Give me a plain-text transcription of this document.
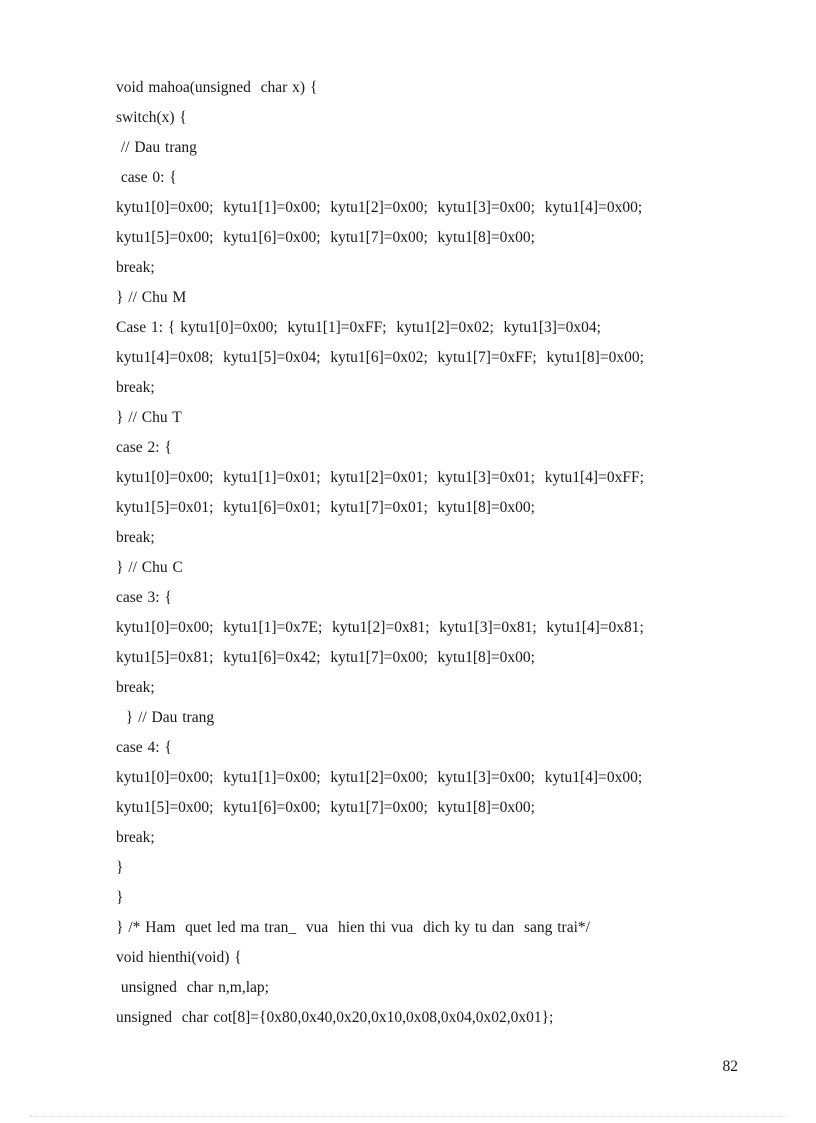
void mahoa(unsigned  char x) {
switch(x) {
// Dau trang
case 0: {
kytu1[0]=0x00;  kytu1[1]=0x00;  kytu1[2]=0x00;  kytu1[3]=0x00;  kytu1[4]=0x00;
kytu1[5]=0x00;  kytu1[6]=0x00;  kytu1[7]=0x00;  kytu1[8]=0x00;
break;
} // Chu M
Case 1: { kytu1[0]=0x00;  kytu1[1]=0xFF;  kytu1[2]=0x02;  kytu1[3]=0x04;
kytu1[4]=0x08;  kytu1[5]=0x04;  kytu1[6]=0x02;  kytu1[7]=0xFF;  kytu1[8]=0x00;
break;
} // Chu T
case 2: {
kytu1[0]=0x00;  kytu1[1]=0x01;  kytu1[2]=0x01;  kytu1[3]=0x01;  kytu1[4]=0xFF;
kytu1[5]=0x01;  kytu1[6]=0x01;  kytu1[7]=0x01;  kytu1[8]=0x00;
break;
} // Chu C
case 3: {
kytu1[0]=0x00;  kytu1[1]=0x7E;  kytu1[2]=0x81;  kytu1[3]=0x81;  kytu1[4]=0x81;
kytu1[5]=0x81;  kytu1[6]=0x42;  kytu1[7]=0x00;  kytu1[8]=0x00;
break;
} // Dau trang
case 4: {
kytu1[0]=0x00;  kytu1[1]=0x00;  kytu1[2]=0x00;  kytu1[3]=0x00;  kytu1[4]=0x00;
kytu1[5]=0x00;  kytu1[6]=0x00;  kytu1[7]=0x00;  kytu1[8]=0x00;
break;
}
}
} /* Ham  quet led ma tran_  vua  hien thi vua  dich ky tu dan  sang trai*/
void hienthi(void) {
unsigned  char n,m,lap;
unsigned  char cot[8]={0x80,0x40,0x20,0x10,0x08,0x04,0x02,0x01};
82
